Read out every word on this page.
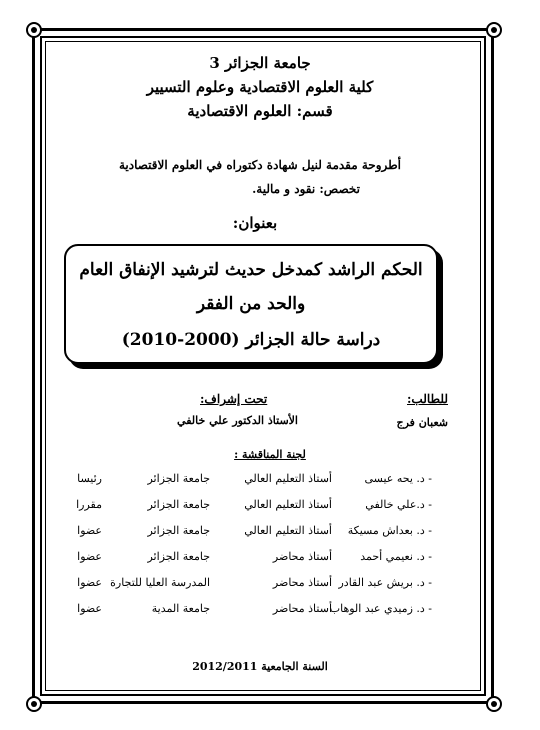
جامعة الجزائر 3
كلية العلوم الاقتصادية وعلوم التسيير
قسم: العلوم الاقتصادية
أطروحة مقدمة لنيل شهادة دكتوراه في العلوم الاقتصادية
تخصص: نقود و مالية.
بعنوان:
الحكم الراشد كمدخل حديث لترشيد الإنفاق العام
والحد من الفقر
دراسة حالة الجزائر (2000-2010)
للطالب:
شعبان فرج
تحت إشراف:
الأستاذ الدكتور علي خالفي
لجنة المناقشة :
- د. يحه عيسى
أستاذ التعليم العالي
جامعة الجزائر
رئيسا
- د.علي خالفي
أستاذ التعليم العالي
جامعة الجزائر
مقررا
- د. بعداش مسيكة
أستاذ التعليم العالي
جامعة الجزائر
عضوا
- د. نعيمي أحمد
أستاذ محاضر
جامعة الجزائر
عضوا
- د. بريش عبد القادر
أستاذ محاضر
المدرسة العليا للتجارة
عضوا
- د. زميدي عبد الوهاب
أستاذ محاضر
جامعة المدية
عضوا
السنة الجامعية 2012/2011
